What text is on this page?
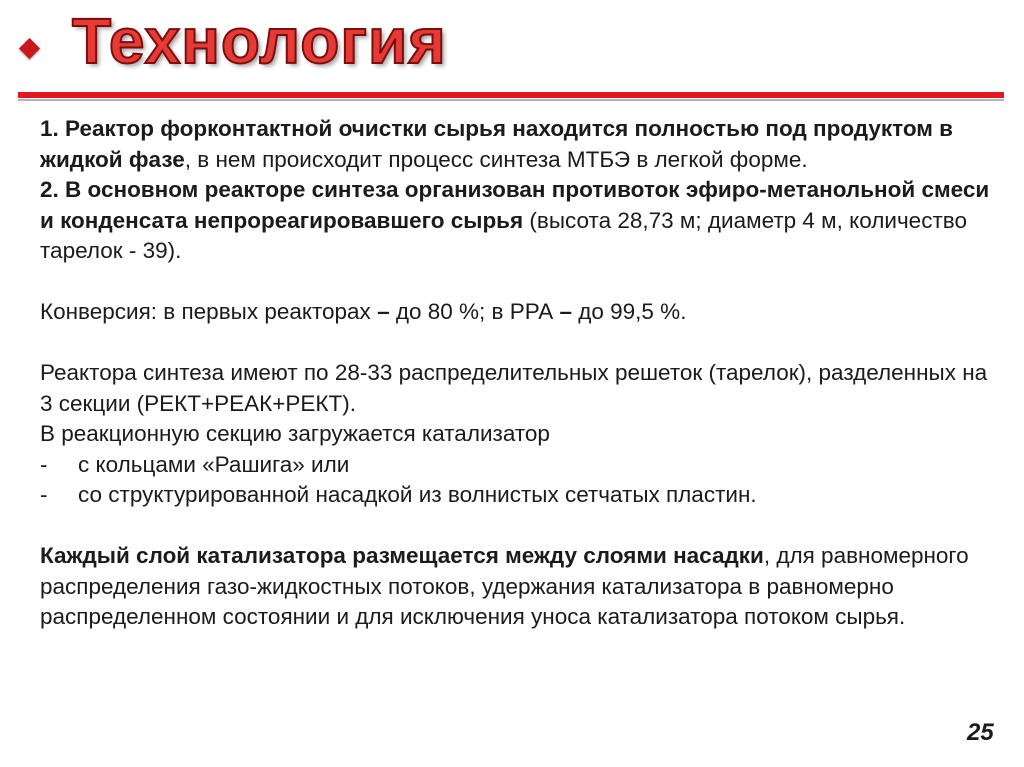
Технология

1. Реактор форконтактной очистки сырья находится полностью под продуктом в жидкой фазе, в нем происходит процесс синтеза МТБЭ в легкой форме.

2. В основном реакторе синтеза организован противоток эфиро-метанольной смеси и конденсата непрореагировавшего сырья (высота 28,73 м; диаметр 4 м, количество тарелок - 39).

Конверсия: в первых реакторах – до 80 %; в РРА – до 99,5 %.

Реактора синтеза имеют по 28-33 распределительных решеток (тарелок), разделенных на 3 секции (РЕКТ+РЕАК+РЕКТ).

В реакционную секцию загружается катализатор

-	с кольцами «Рашига» или
-	со структурированной насадкой из волнистых сетчатых пластин.

Каждый слой катализатора размещается между слоями насадки, для равномерного распределения газо-жидкостных потоков, удержания катализатора в равномерно распределенном состоянии и для исключения уноса катализатора потоком сырья.

25
